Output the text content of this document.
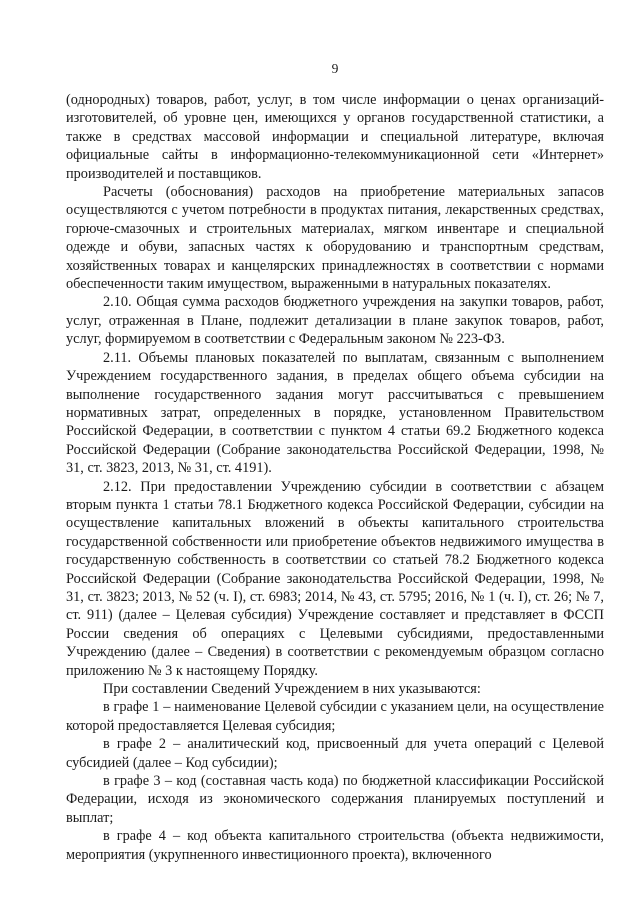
9

(однородных) товаров, работ, услуг, в том числе информации о ценах организаций-изготовителей, об уровне цен, имеющихся у органов государственной статистики, а также в средствах массовой информации и специальной литературе, включая официальные сайты в информационно-телекоммуникационной сети «Интернет» производителей и поставщиков.

Расчеты (обоснования) расходов на приобретение материальных запасов осуществляются с учетом потребности в продуктах питания, лекарственных средствах, горюче-смазочных и строительных материалах, мягком инвентаре и специальной одежде и обуви, запасных частях к оборудованию и транспортным средствам, хозяйственных товарах и канцелярских принадлежностях в соответствии с нормами обеспеченности таким имуществом, выраженными в натуральных показателях.

2.10. Общая сумма расходов бюджетного учреждения на закупки товаров, работ, услуг, отраженная в Плане, подлежит детализации в плане закупок товаров, работ, услуг, формируемом в соответствии с Федеральным законом № 223-ФЗ.

2.11. Объемы плановых показателей по выплатам, связанным с выполнением Учреждением государственного задания, в пределах общего объема субсидии на выполнение государственного задания могут рассчитываться с превышением нормативных затрат, определенных в порядке, установленном Правительством Российской Федерации, в соответствии с пунктом 4 статьи 69.2 Бюджетного кодекса Российской Федерации (Собрание законодательства Российской Федерации, 1998, № 31, ст. 3823, 2013, № 31, ст. 4191).

2.12. При предоставлении Учреждению субсидии в соответствии с абзацем вторым пункта 1 статьи 78.1 Бюджетного кодекса Российской Федерации, субсидии на осуществление капитальных вложений в объекты капитального строительства государственной собственности или приобретение объектов недвижимого имущества в государственную собственность в соответствии со статьей 78.2 Бюджетного кодекса Российской Федерации (Собрание законодательства Российской Федерации, 1998, № 31, ст. 3823; 2013, № 52 (ч. I), ст. 6983; 2014, № 43, ст. 5795; 2016, № 1 (ч. I), ст. 26; № 7, ст. 911) (далее – Целевая субсидия) Учреждение составляет и представляет в ФССП России сведения об операциях с Целевыми субсидиями, предоставленными Учреждению (далее – Сведения) в соответствии с рекомендуемым образцом согласно приложению № 3 к настоящему Порядку.

При составлении Сведений Учреждением в них указываются:

в графе 1 – наименование Целевой субсидии с указанием цели, на осуществление которой предоставляется Целевая субсидия;

в графе 2 – аналитический код, присвоенный для учета операций с Целевой субсидией (далее – Код субсидии);

в графе 3 – код (составная часть кода) по бюджетной классификации Российской Федерации, исходя из экономического содержания планируемых поступлений и выплат;

в графе 4 – код объекта капитального строительства (объекта недвижимости, мероприятия (укрупненного инвестиционного проекта), включенного
